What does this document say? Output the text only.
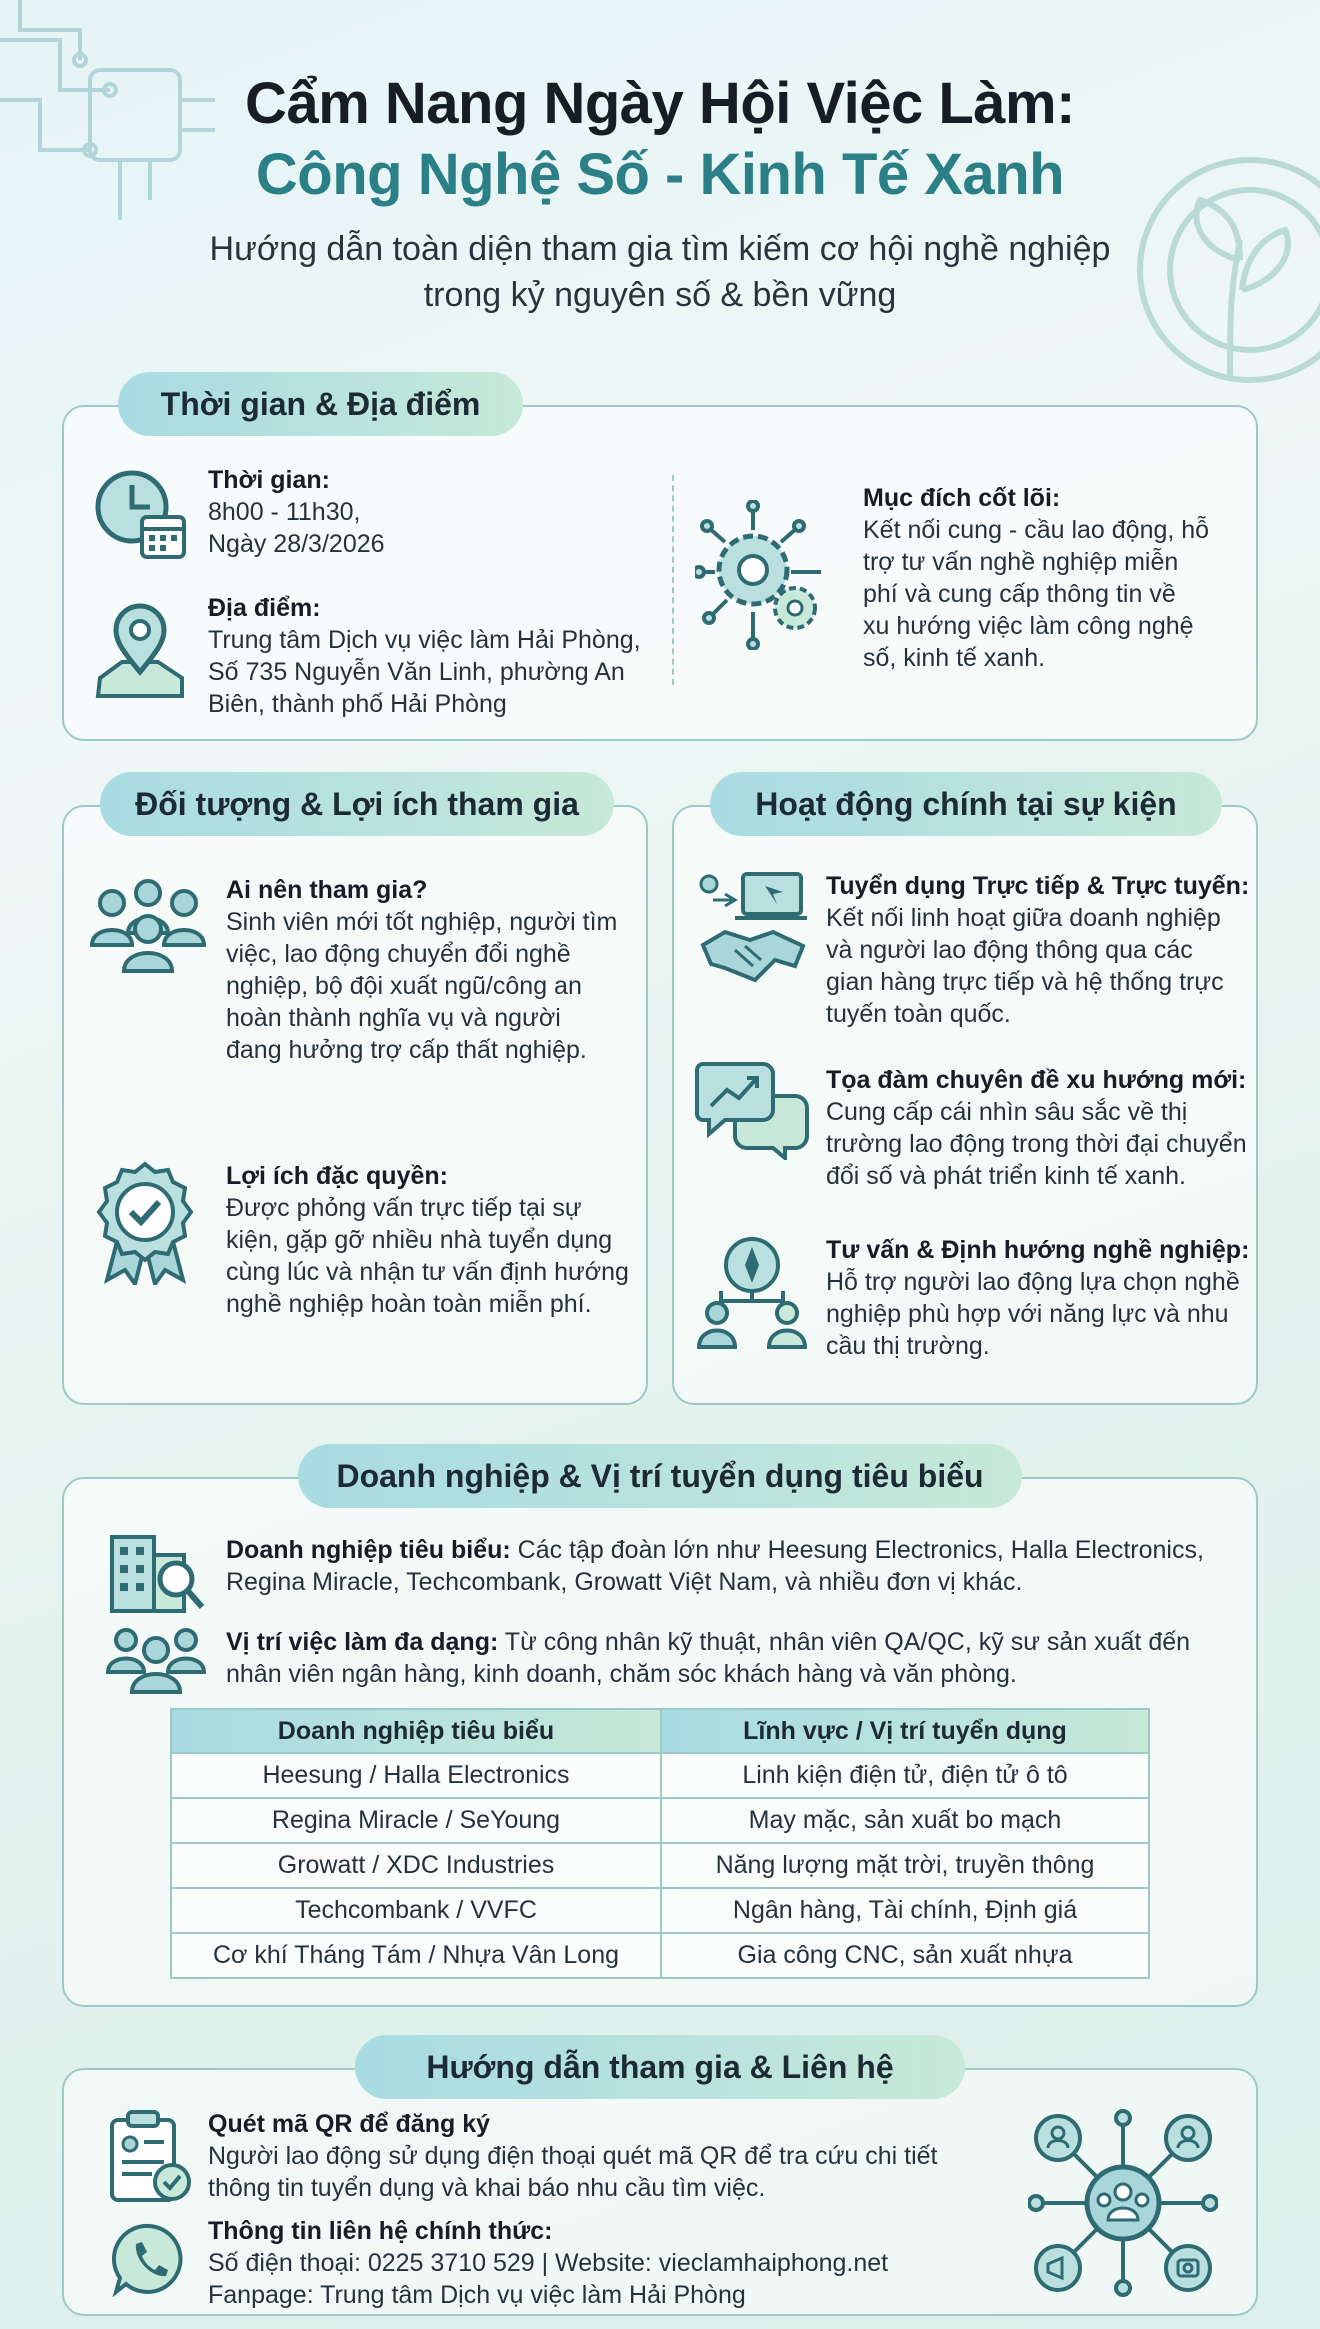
Cẩm Nang Ngày Hội Việc Làm:
Công Nghệ Số - Kinh Tế Xanh
Hướng dẫn toàn diện tham gia tìm kiếm cơ hội nghề nghiệp
trong kỷ nguyên số & bền vững
Thời gian & Địa điểm
Thời gian:
8h00 - 11h30,
Ngày 28/3/2026
Địa điểm:
Trung tâm Dịch vụ việc làm Hải Phòng,
Số 735 Nguyễn Văn Linh, phường An
Biên, thành phố Hải Phòng
Mục đích cốt lõi:
Kết nối cung - cầu lao động, hỗ
trợ tư vấn nghề nghiệp miễn
phí và cung cấp thông tin về
xu hướng việc làm công nghệ
số, kinh tế xanh.
Đối tượng & Lợi ích tham gia
Ai nên tham gia?
Sinh viên mới tốt nghiệp, người tìm
việc, lao động chuyển đổi nghề
nghiệp, bộ đội xuất ngũ/công an
hoàn thành nghĩa vụ và người
đang hưởng trợ cấp thất nghiệp.
Lợi ích đặc quyền:
Được phỏng vấn trực tiếp tại sự
kiện, gặp gỡ nhiều nhà tuyển dụng
cùng lúc và nhận tư vấn định hướng
nghề nghiệp hoàn toàn miễn phí.
Hoạt động chính tại sự kiện
Tuyển dụng Trực tiếp & Trực tuyến:
Kết nối linh hoạt giữa doanh nghiệp
và người lao động thông qua các
gian hàng trực tiếp và hệ thống trực
tuyến toàn quốc.
Tọa đàm chuyên đề xu hướng mới:
Cung cấp cái nhìn sâu sắc về thị
trường lao động trong thời đại chuyển
đổi số và phát triển kinh tế xanh.
Tư vấn & Định hướng nghề nghiệp:
Hỗ trợ người lao động lựa chọn nghề
nghiệp phù hợp với năng lực và nhu
cầu thị trường.
Doanh nghiệp & Vị trí tuyển dụng tiêu biểu
Doanh nghiệp tiêu biểu: Các tập đoàn lớn như Heesung Electronics, Halla Electronics,
Regina Miracle, Techcombank, Growatt Việt Nam, và nhiều đơn vị khác.
Vị trí việc làm đa dạng: Từ công nhân kỹ thuật, nhân viên QA/QC, kỹ sư sản xuất đến
nhân viên ngân hàng, kinh doanh, chăm sóc khách hàng và văn phòng.
Doanh nghiệp tiêu biểu	Lĩnh vực / Vị trí tuyển dụng
Heesung / Halla Electronics	Linh kiện điện tử, điện tử ô tô
Regina Miracle / SeYoung	May mặc, sản xuất bo mạch
Growatt / XDC Industries	Năng lượng mặt trời, truyền thông
Techcombank / VVFC	Ngân hàng, Tài chính, Định giá
Cơ khí Tháng Tám / Nhựa Vân Long	Gia công CNC, sản xuất nhựa
Hướng dẫn tham gia & Liên hệ
Quét mã QR để đăng ký
Người lao động sử dụng điện thoại quét mã QR để tra cứu chi tiết
thông tin tuyển dụng và khai báo nhu cầu tìm việc.
Thông tin liên hệ chính thức:
Số điện thoại: 0225 3710 529 | Website: vieclamhaiphong.net
Fanpage: Trung tâm Dịch vụ việc làm Hải Phòng
